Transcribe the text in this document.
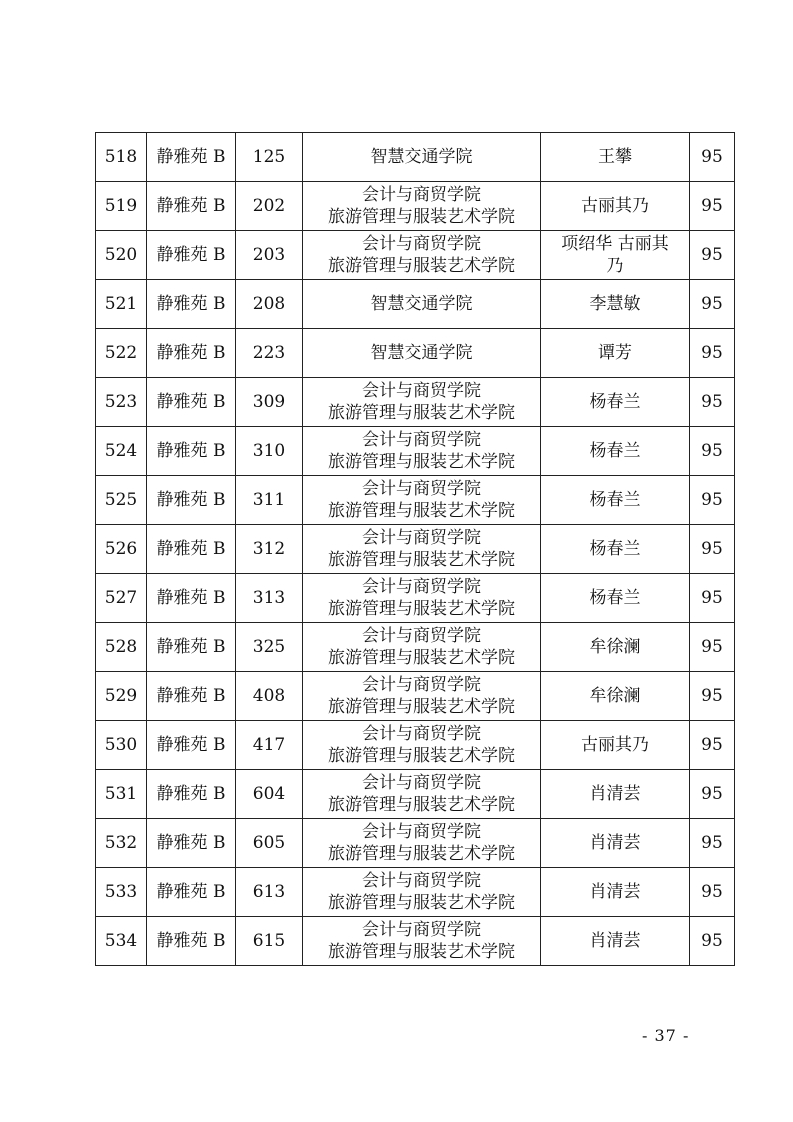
518	静雅苑 B	125	智慧交通学院	王攀	95
519	静雅苑 B	202	会计与商贸学院
旅游管理与服装艺术学院	古丽其乃	95
520	静雅苑 B	203	会计与商贸学院
旅游管理与服装艺术学院	项绍华 古丽其
乃	95
521	静雅苑 B	208	智慧交通学院	李慧敏	95
522	静雅苑 B	223	智慧交通学院	谭芳	95
523	静雅苑 B	309	会计与商贸学院
旅游管理与服装艺术学院	杨春兰	95
524	静雅苑 B	310	会计与商贸学院
旅游管理与服装艺术学院	杨春兰	95
525	静雅苑 B	311	会计与商贸学院
旅游管理与服装艺术学院	杨春兰	95
526	静雅苑 B	312	会计与商贸学院
旅游管理与服装艺术学院	杨春兰	95
527	静雅苑 B	313	会计与商贸学院
旅游管理与服装艺术学院	杨春兰	95
528	静雅苑 B	325	会计与商贸学院
旅游管理与服装艺术学院	牟徐澜	95
529	静雅苑 B	408	会计与商贸学院
旅游管理与服装艺术学院	牟徐澜	95
530	静雅苑 B	417	会计与商贸学院
旅游管理与服装艺术学院	古丽其乃	95
531	静雅苑 B	604	会计与商贸学院
旅游管理与服装艺术学院	肖清芸	95
532	静雅苑 B	605	会计与商贸学院
旅游管理与服装艺术学院	肖清芸	95
533	静雅苑 B	613	会计与商贸学院
旅游管理与服装艺术学院	肖清芸	95
534	静雅苑 B	615	会计与商贸学院
旅游管理与服装艺术学院	肖清芸	95
- 37 -
